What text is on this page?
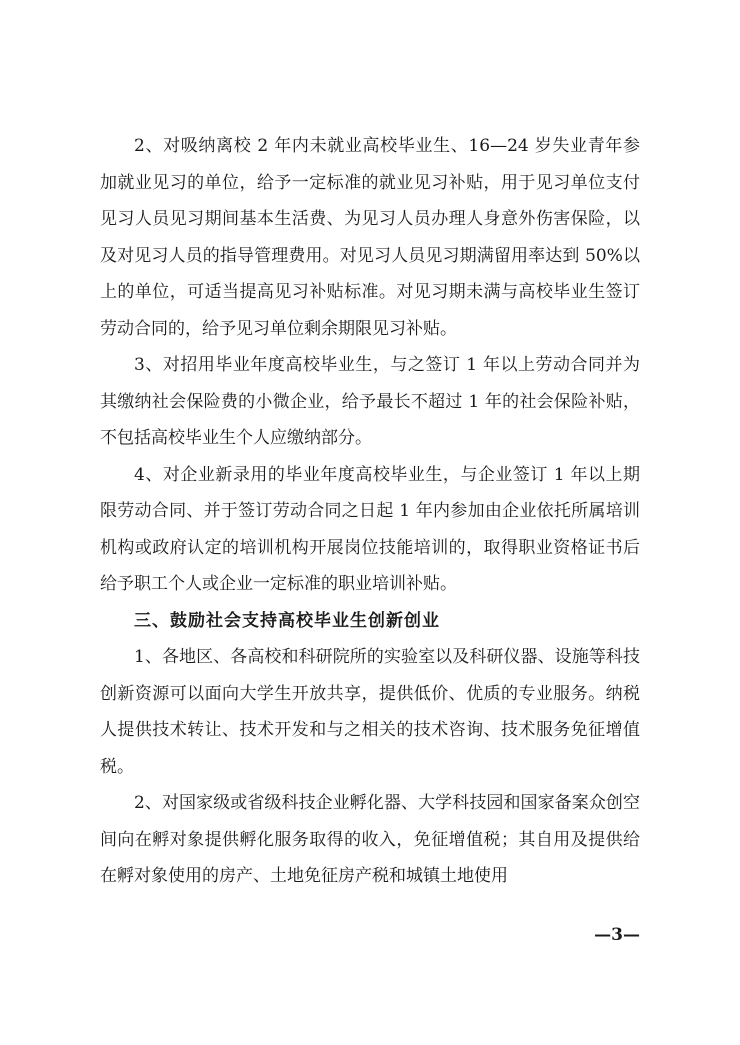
2、对吸纳离校 2 年内未就业高校毕业生、16—24 岁失业青年参加就业见习的单位，给予一定标准的就业见习补贴，用于见习单位支付见习人员见习期间基本生活费、为见习人员办理人身意外伤害保险，以及对见习人员的指导管理费用。对见习人员见习期满留用率达到 50%以上的单位，可适当提高见习补贴标准。对见习期未满与高校毕业生签订劳动合同的，给予见习单位剩余期限见习补贴。

3、对招用毕业年度高校毕业生，与之签订 1 年以上劳动合同并为其缴纳社会保险费的小微企业，给予最长不超过 1 年的社会保险补贴，不包括高校毕业生个人应缴纳部分。

4、对企业新录用的毕业年度高校毕业生，与企业签订 1 年以上期限劳动合同、并于签订劳动合同之日起 1 年内参加由企业依托所属培训机构或政府认定的培训机构开展岗位技能培训的，取得职业资格证书后给予职工个人或企业一定标准的职业培训补贴。

三、鼓励社会支持高校毕业生创新创业

1、各地区、各高校和科研院所的实验室以及科研仪器、设施等科技创新资源可以面向大学生开放共享，提供低价、优质的专业服务。纳税人提供技术转让、技术开发和与之相关的技术咨询、技术服务免征增值税。

2、对国家级或省级科技企业孵化器、大学科技园和国家备案众创空间向在孵对象提供孵化服务取得的收入，免征增值税；其自用及提供给在孵对象使用的房产、土地免征房产税和城镇土地使用

—3—
